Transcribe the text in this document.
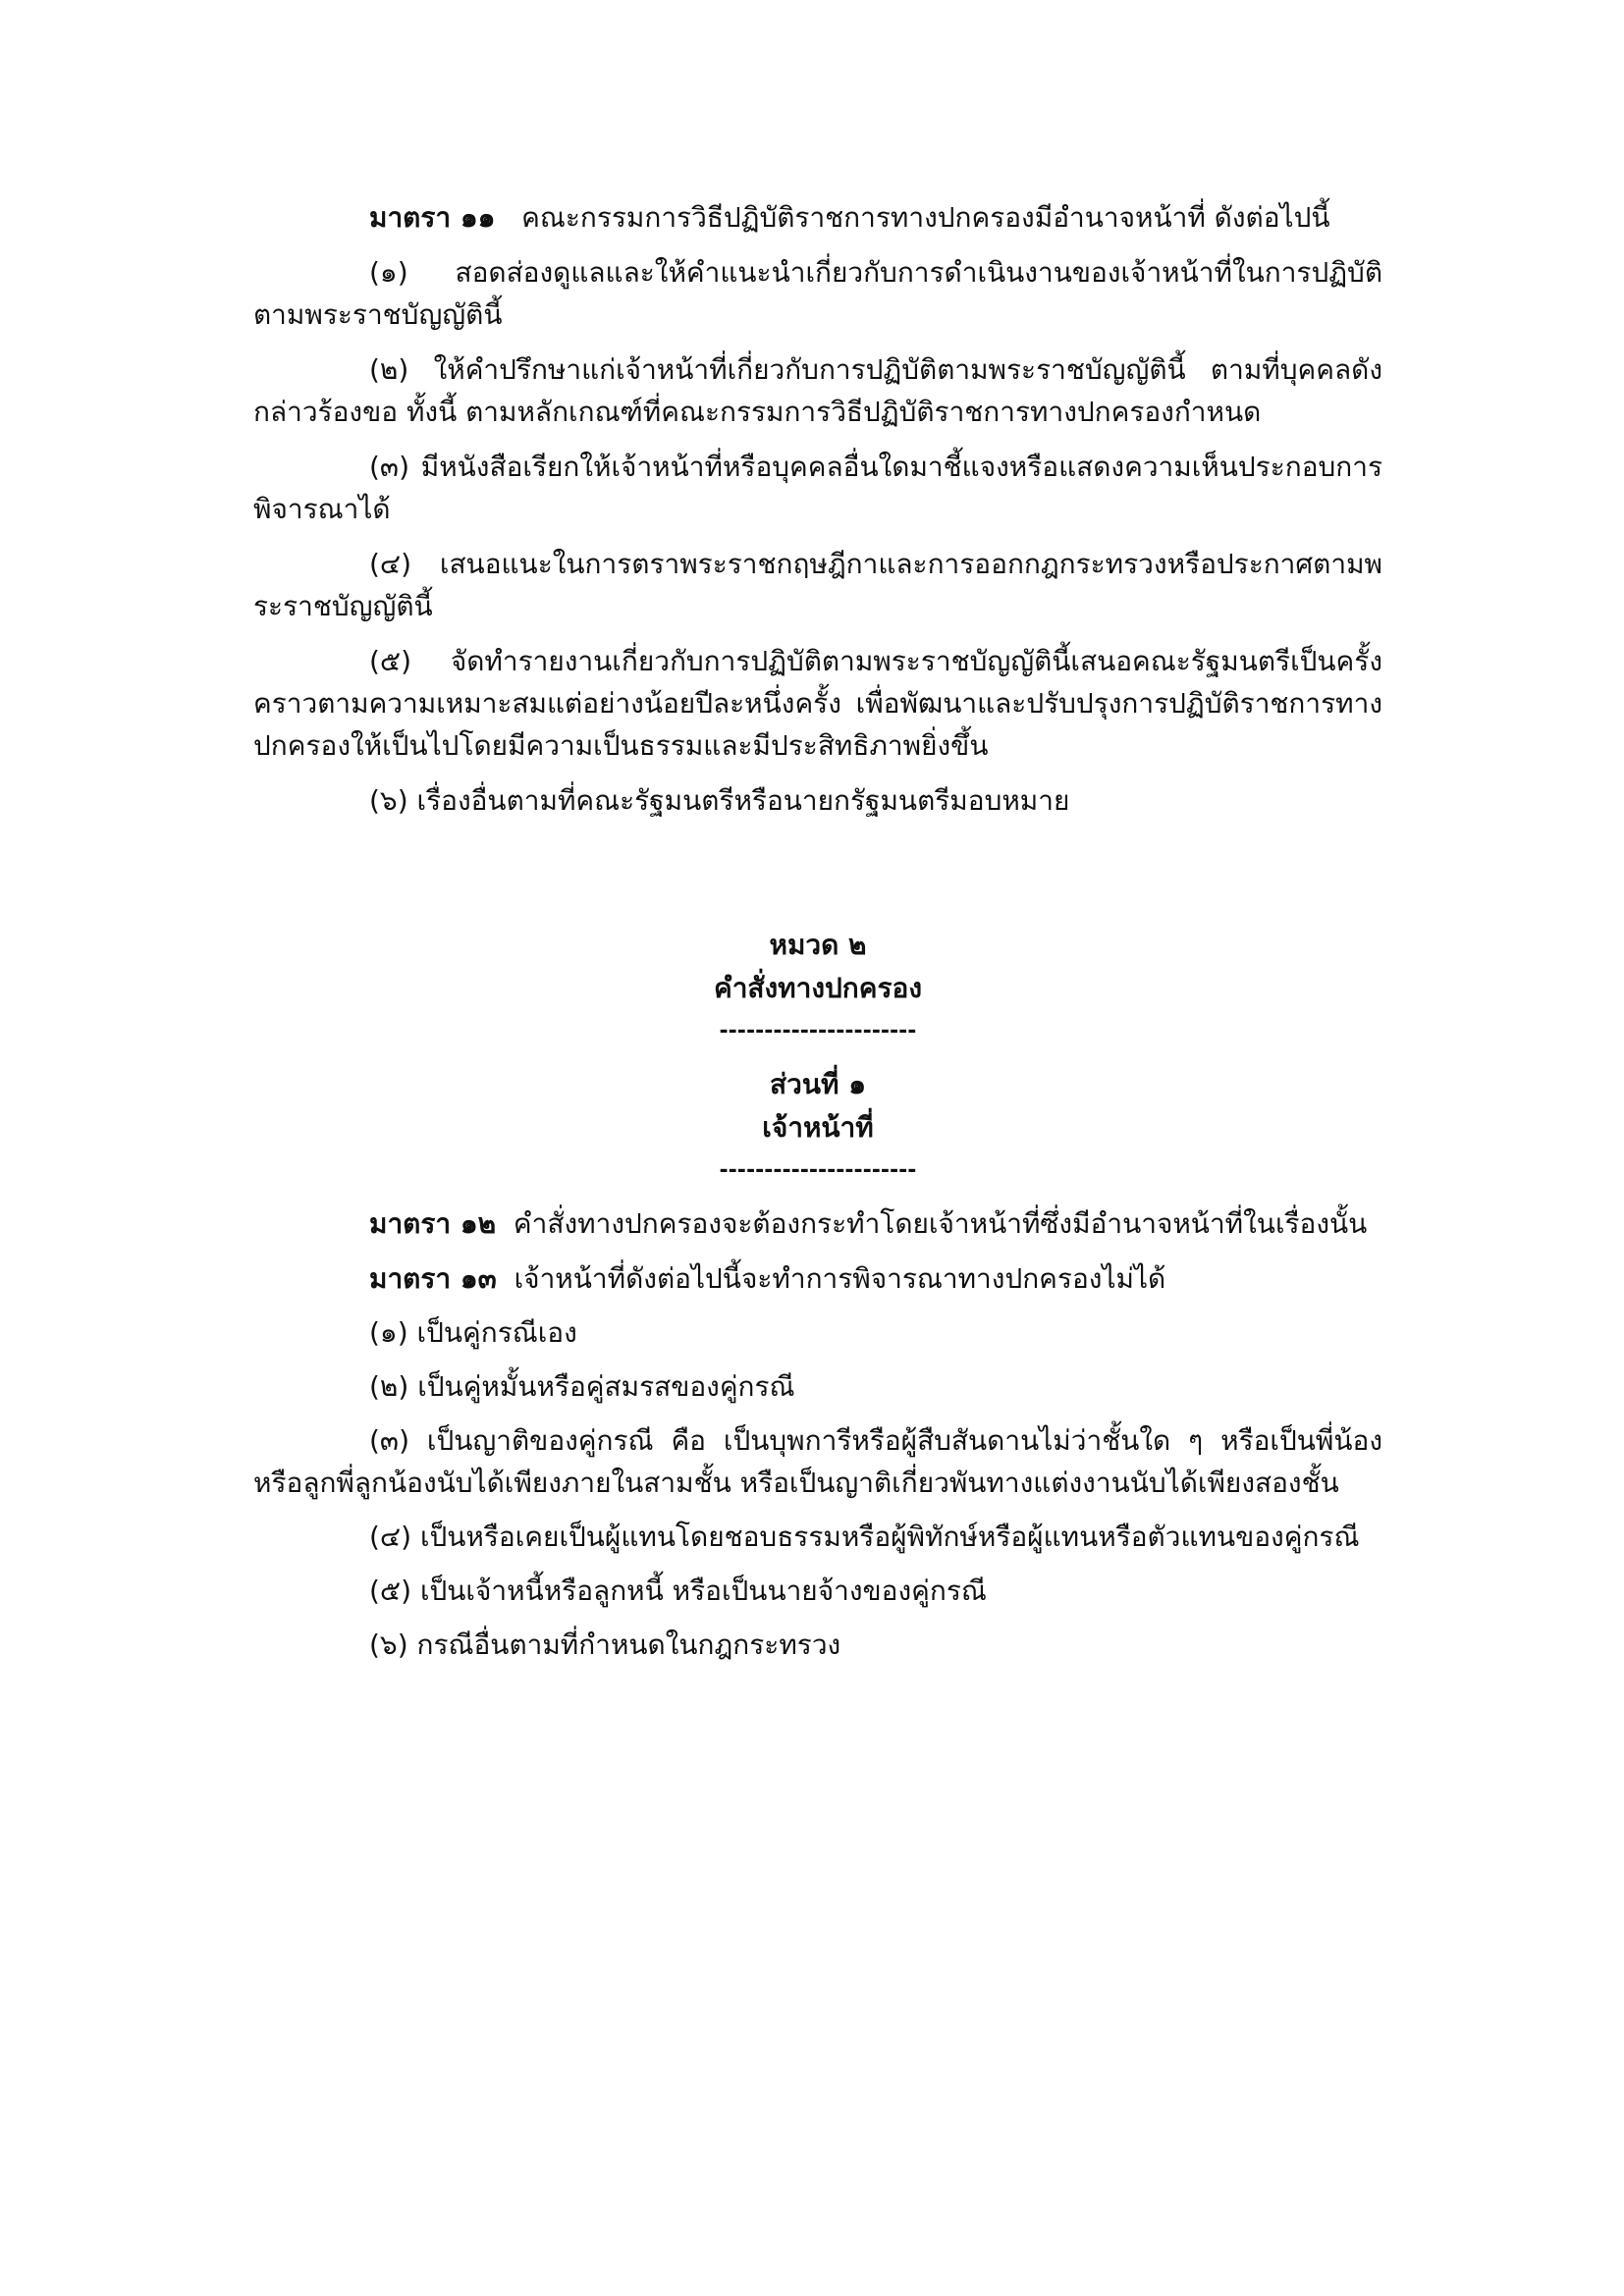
มาตรา ๑๑ คณะกรรมการวิธีปฏิบัติราชการทางปกครองมีอำนาจหน้าที่ ดังต่อไปนี้

(๑) สอดส่องดูแลและให้คำแนะนำเกี่ยวกับการดำเนินงานของเจ้าหน้าที่ในการปฏิบัติตามพระราชบัญญัตินี้

(๒) ให้คำปรึกษาแก่เจ้าหน้าที่เกี่ยวกับการปฏิบัติตามพระราชบัญญัตินี้ ตามที่บุคคลดังกล่าวร้องขอ ทั้งนี้ ตามหลักเกณฑ์ที่คณะกรรมการวิธีปฏิบัติราชการทางปกครองกำหนด

(๓) มีหนังสือเรียกให้เจ้าหน้าที่หรือบุคคลอื่นใดมาชี้แจงหรือแสดงความเห็นประกอบการพิจารณาได้

(๔) เสนอแนะในการตราพระราชกฤษฎีกาและการออกกฎกระทรวงหรือประกาศตามพระราชบัญญัตินี้

(๕) จัดทำรายงานเกี่ยวกับการปฏิบัติตามพระราชบัญญัตินี้เสนอคณะรัฐมนตรีเป็นครั้งคราวตามความเหมาะสมแต่อย่างน้อยปีละหนึ่งครั้ง เพื่อพัฒนาและปรับปรุงการปฏิบัติราชการทางปกครองให้เป็นไปโดยมีความเป็นธรรมและมีประสิทธิภาพยิ่งขึ้น

(๖) เรื่องอื่นตามที่คณะรัฐมนตรีหรือนายกรัฐมนตรีมอบหมาย

หมวด ๒

คำสั่งทางปกครอง

----------------------

ส่วนที่ ๑

เจ้าหน้าที่

----------------------

มาตรา ๑๒ คำสั่งทางปกครองจะต้องกระทำโดยเจ้าหน้าที่ซึ่งมีอำนาจหน้าที่ในเรื่องนั้น

มาตรา ๑๓ เจ้าหน้าที่ดังต่อไปนี้จะทำการพิจารณาทางปกครองไม่ได้

(๑) เป็นคู่กรณีเอง

(๒) เป็นคู่หมั้นหรือคู่สมรสของคู่กรณี

(๓) เป็นญาติของคู่กรณี คือ เป็นบุพการีหรือผู้สืบสันดานไม่ว่าชั้นใด ๆ หรือเป็นพี่น้องหรือลูกพี่ลูกน้องนับได้เพียงภายในสามชั้น หรือเป็นญาติเกี่ยวพันทางแต่งงานนับได้เพียงสองชั้น

(๔) เป็นหรือเคยเป็นผู้แทนโดยชอบธรรมหรือผู้พิทักษ์หรือผู้แทนหรือตัวแทนของคู่กรณี

(๕) เป็นเจ้าหนี้หรือลูกหนี้ หรือเป็นนายจ้างของคู่กรณี

(๖) กรณีอื่นตามที่กำหนดในกฎกระทรวง
